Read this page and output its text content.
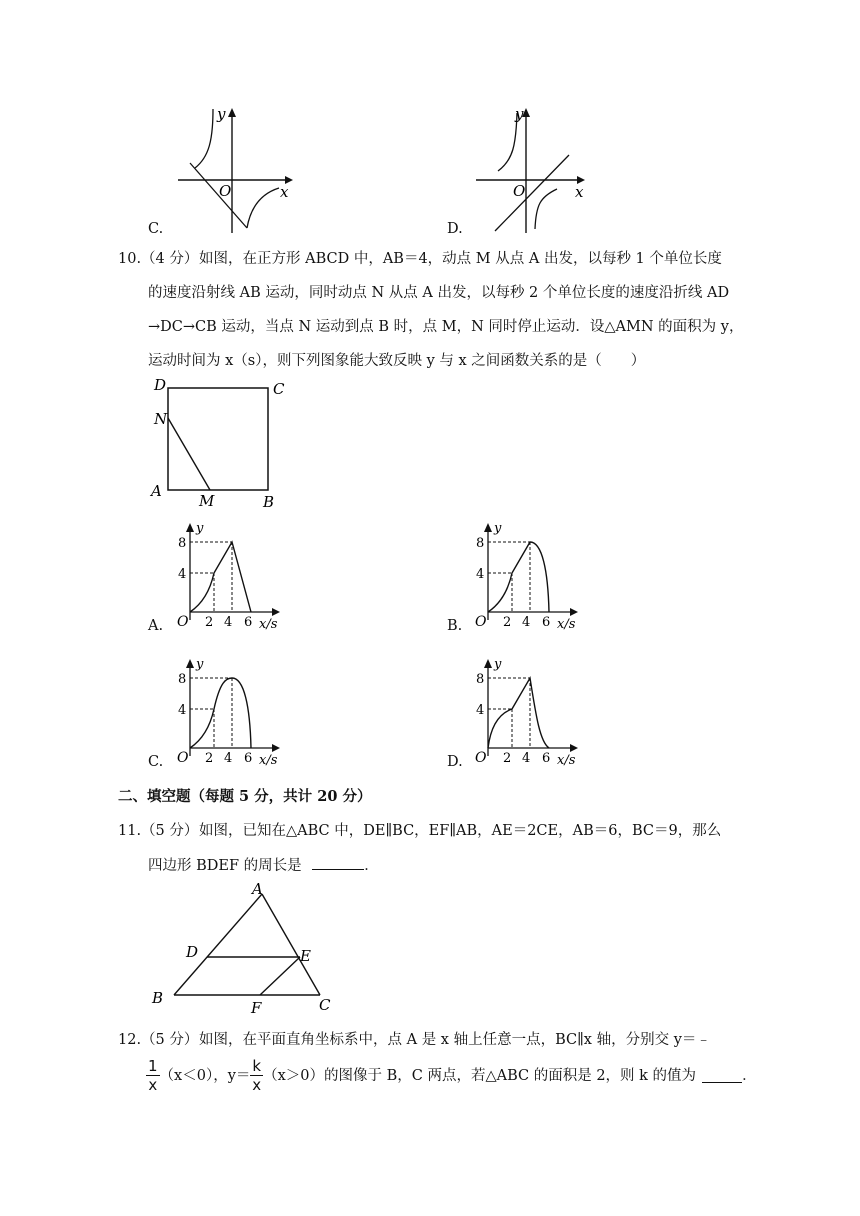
y
x
O
C.
y
x
O
D.
10.（4 分） 如图，在正方形 ABCD 中，AB＝4，动点 M 从点 A 出发，以每秒 1 个单位长度
的速度沿射线 AB 运动，同时动点 N 从点 A 出发，以每秒 2 个单位长度的速度沿折线 AD
→DC→CB 运动，当点 N 运动到点 B 时，点 M，N 同时停止运动．设△AMN 的面积为 y，
运动时间为 x（s），则下列图象能大致反映 y 与 x 之间函数关系的是（　　）
D	C
N
A
M	B
y
8
4
O 2 4 6 x/s
A.
y
8
4
O 2 4 6 x/s
B.
y
8
4
O 2 4 6 x/s
C.
y
8
4
O 2 4 6 x/s
D.
二、填空题（每题 5 分，共计 20 分）
11.（5 分） 如图，已知在△ABC 中，DE∥BC，EF∥AB，AE＝2CE，AB＝6，BC＝9，那么
四边形 BDEF 的周长是	．
A
B	C
D	E
F
12.（5 分） 如图，在平面直角坐标系中，点 A 是 x 轴上任意一点，BC∥x 轴，分别交 y＝﹣
$\frac{1}{x} (x<0)$，$y= \frac{k}{x} (x>0)$的图像于 B，C 两点，若△ABC 的面积是 2，则 k 的值为	．
